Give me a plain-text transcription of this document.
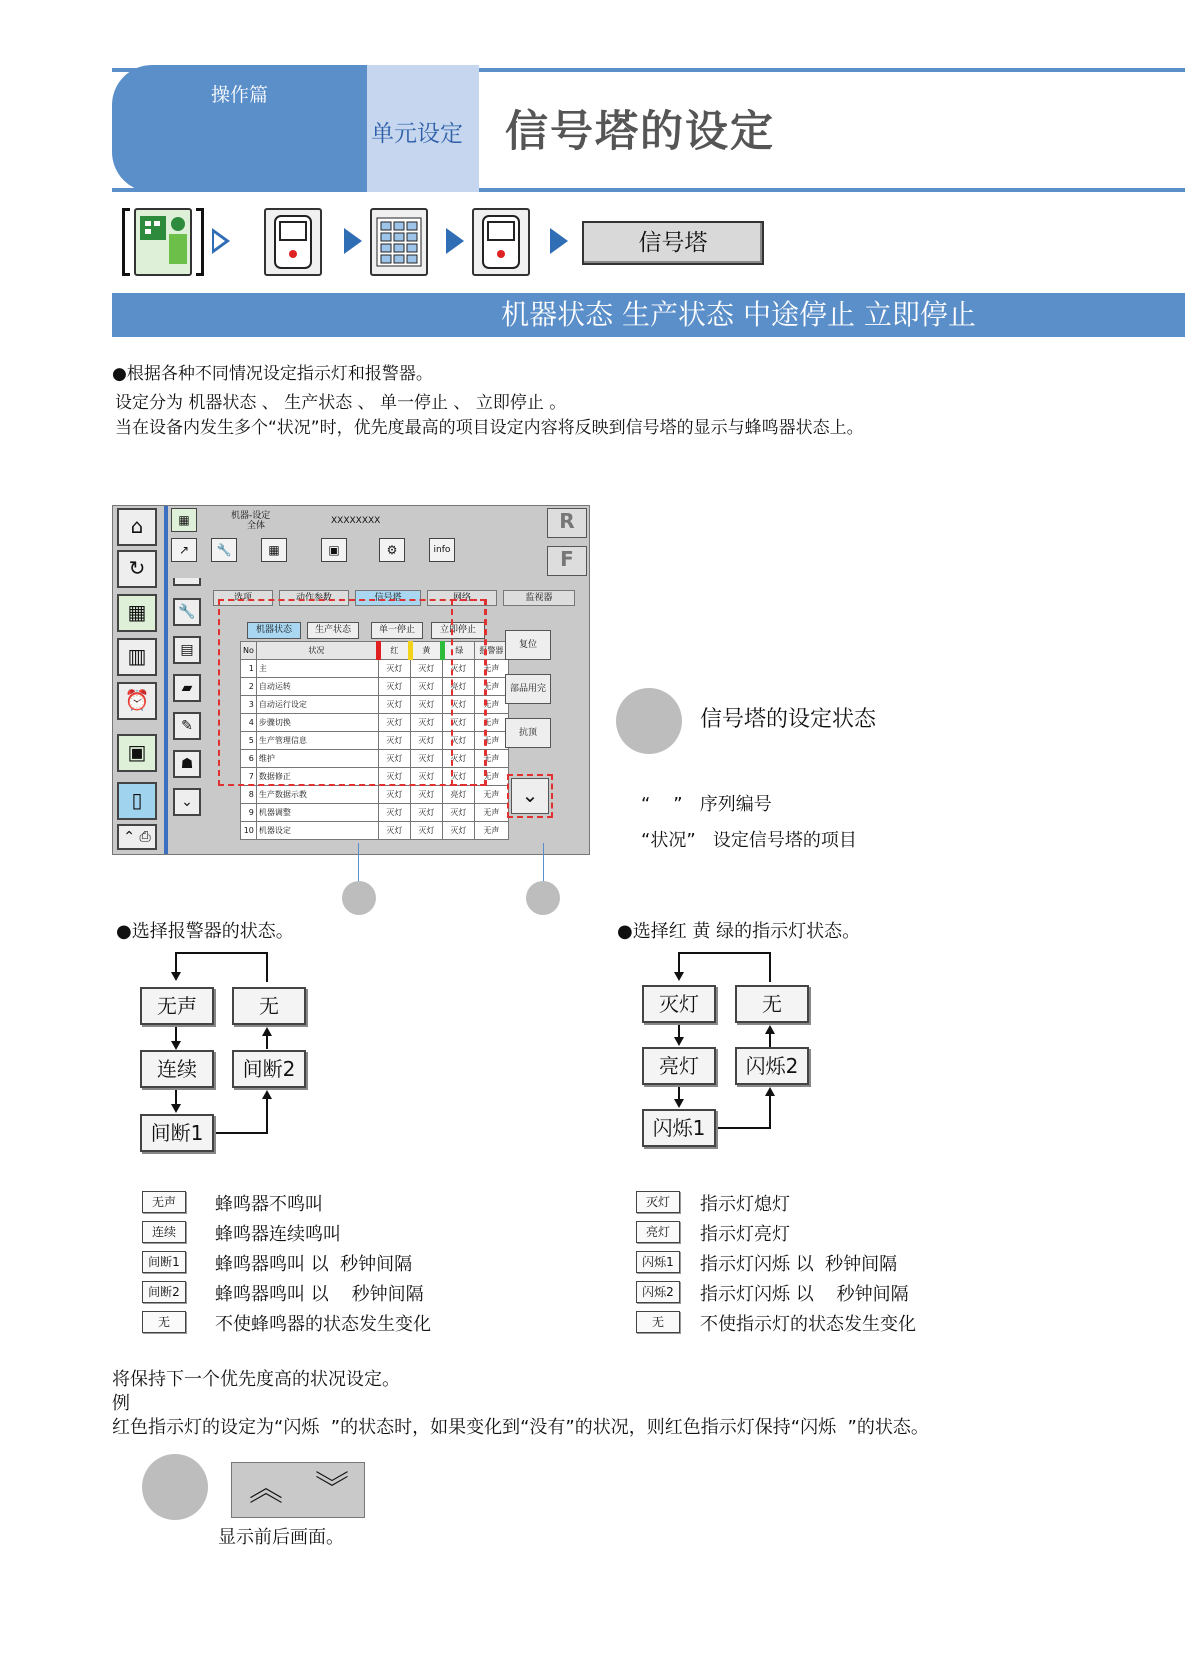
操作篇
单元设定 信号塔的设定
信号塔
机器状态 生产状态 中途停止 立即停止
●根据各种不同情况设定指示灯和报警器。
设定分为 机器状态 、 生产状态 、 单一停止 、 立即停止 。
当在设备内发生多个“状况”时，优先度最高的项目设定内容将反映到信号塔的显示与蜂鸣器状态上。
⌂
↻
▦
▥
⏰
▣
▯
⌃ ⎙
🔧
▤
▰
✎
☗
⌄
▦	机器-设定
全体	XXXXXXXX
↗	🔧	▦	▣	⚙	info
R
F
选项	动作参数	信号塔	网络	监视器
机器状态	生产状态	单一停止	立即停止
No	状况	红	黄	绿	报警器
1	主	灭灯	灭灯	灭灯	无声
2	自动运转	灭灯	灭灯	亮灯	无声
3	自动运行设定	灭灯	灭灯	灭灯	无声
4	步骤切换	灭灯	灭灯	灭灯	无声
5	生产管理信息	灭灯	灭灯	灭灯	无声
6	维护	灭灯	灭灯	灭灯	无声
7	数据修正	灭灯	灭灯	灭灯	无声
8	生产数据示教	灭灯	灭灯	亮灯	无声
9	机器调整	灭灯	灭灯	灭灯	无声
10	机器设定	灭灯	灭灯	灭灯	无声
复位
部品用完
抗顶
⌄
信号塔的设定状态
“    ”   序列编号
“状况”   设定信号塔的项目
●选择报警器的状态。
无声	无
连续	间断2
间断1
●选择红 黄 绿的指示灯状态。
灭灯	无
亮灯	闪烁2
闪烁1
无声	蜂鸣器不鸣叫
连续	蜂鸣器连续鸣叫
间断1	蜂鸣器鸣叫 以  秒钟间隔
间断2	蜂鸣器鸣叫 以    秒钟间隔
无	不使蜂鸣器的状态发生变化
灭灯	指示灯熄灯
亮灯	指示灯亮灯
闪烁1	指示灯闪烁 以  秒钟间隔
闪烁2	指示灯闪烁 以    秒钟间隔
无	不使指示灯的状态发生变化
将保持下一个优先度高的状况设定。
例
红色指示灯的设定为“闪烁  ”的状态时，如果变化到“没有”的状况，则红色指示灯保持“闪烁  ”的状态。
︽ ︾
显示前后画面。
